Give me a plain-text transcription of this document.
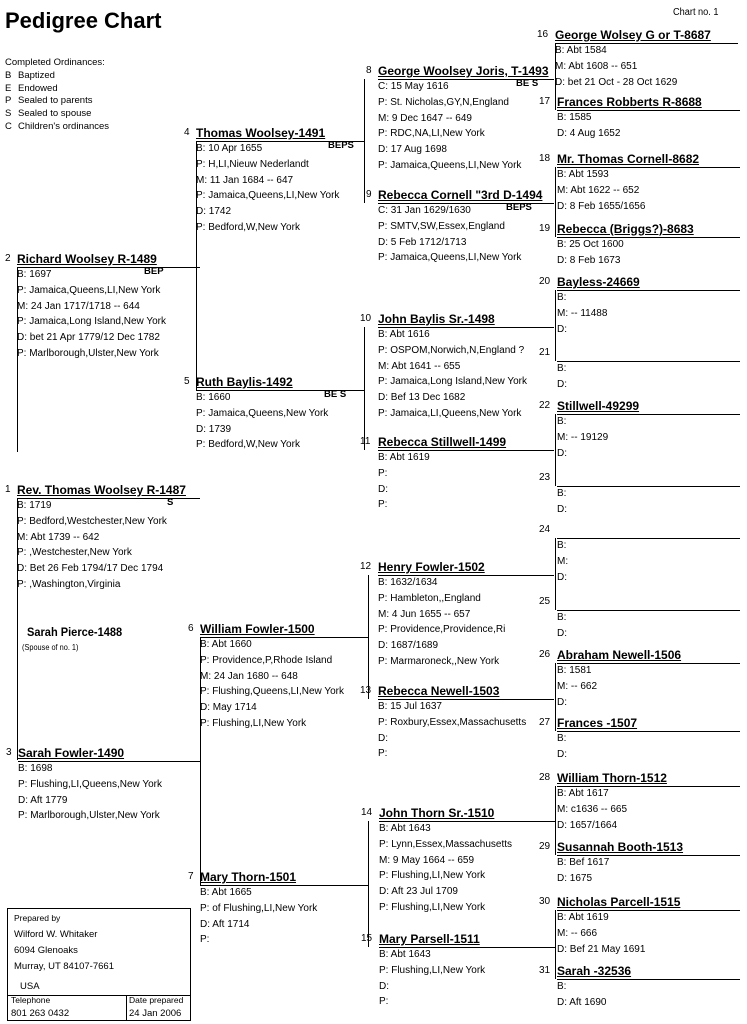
Pedigree Chart	Chart no. 1
Completed Ordinances:
B Baptized
E Endowed
P Sealed to parents
S Sealed to spouse
C Children's ordinances
1 Rev. Thomas Woolsey R-1487
S
B: 1719
P: Bedford,Westchester,New York
M: Abt 1739 -- 642
P: ,Westchester,New York
D: Bet 26 Feb 1794/17 Dec 1794
P: ,Washington,Virginia
2 Richard Woolsey R-1489
BEP
B: 1697
P: Jamaica,Queens,LI,New York
M: 24 Jan 1717/1718 -- 644
P: Jamaica,Long Island,New York
D: bet 21 Apr 1779/12 Dec 1782
P: Marlborough,Ulster,New York
3 Sarah Fowler-1490
B: 1698
P: Flushing,LI,Queens,New York
D: Aft 1779
P: Marlborough,Ulster,New York
4 Thomas Woolsey-1491
BEPS
B: 10 Apr 1655
P: H,LI,Nieuw Nederlandt
M: 11 Jan 1684 -- 647
P: Jamaica,Queens,LI,New York
D: 1742
P: Bedford,W,New York
5 Ruth Baylis-1492
BE S
B: 1660
P: Jamaica,Queens,New York
D: 1739
P: Bedford,W,New York
6 William Fowler-1500
B: Abt 1660
P: Providence,P,Rhode Island
M: 24 Jan 1680 -- 648
P: Flushing,Queens,LI,New York
D: May 1714
P: Flushing,LI,New York
7 Mary Thorn-1501
B: Abt 1665
P: of Flushing,LI,New York
D: Aft 1714
P:
8 George Woolsey Joris, T-1493
BE S
C: 15 May 1616
P: St. Nicholas,GY,N,England
M: 9 Dec 1647 -- 649
P: RDC,NA,LI,New York
D: 17 Aug 1698
P: Jamaica,Queens,LI,New York
9 Rebecca Cornell "3rd D-1494
BEPS
C: 31 Jan 1629/1630
P: SMTV,SW,Essex,England
D: 5 Feb 1712/1713
P: Jamaica,Queens,LI,New York
10 John Baylis Sr.-1498
B: Abt 1616
P: OSPOM,Norwich,N,England ?
M: Abt 1641 -- 655
P: Jamaica,Long Island,New York
D: Bef 13 Dec 1682
P: Jamaica,LI,Queens,New York
11 Rebecca Stillwell-1499
B: Abt 1619
P:
D:
P:
12 Henry Fowler-1502
B: 1632/1634
P: Hambleton,,England
M: 4 Jun 1655 -- 657
P: Providence,Providence,Ri
D: 1687/1689
P: Marmaroneck,,New York
13 Rebecca Newell-1503
B: 15 Jul 1637
P: Roxbury,Essex,Massachusetts
D:
P:
14 John Thorn Sr.-1510
B: Abt 1643
P: Lynn,Essex,Massachusetts
M: 9 May 1664 -- 659
P: Flushing,LI,New York
D: Aft 23 Jul 1709
P: Flushing,LI,New York
15 Mary Parsell-1511
B: Abt 1643
P: Flushing,LI,New York
D:
P:
16 George Wolsey G or T-8687
B: Abt 1584
M: Abt 1608 -- 651
D: bet 21 Oct - 28 Oct 1629
17 Frances Robberts R-8688
B: 1585
D: 4 Aug 1652
18 Mr. Thomas Cornell-8682
B: Abt 1593
M: Abt 1622 -- 652
D: 8 Feb 1655/1656
19 Rebecca (Briggs?)-8683
B: 25 Oct 1600
D: 8 Feb 1673
20 Bayless-24669
B:
M: -- 11488
D:
21
B:
D:
22 Stillwell-49299
B:
M: -- 19129
D:
23
B:
D:
24
B:
M:
D:
25
B:
D:
26 Abraham Newell-1506
B: 1581
M: -- 662
D:
27 Frances -1507
B:
D:
28 William Thorn-1512
B: Abt 1617
M: c1636 -- 665
D: 1657/1664
29 Susannah Booth-1513
B: Bef 1617
D: 1675
30 Nicholas Parcell-1515
B: Abt 1619
M: -- 666
D: Bef 21 May 1691
31 Sarah -32536
B:
D: Aft 1690
Sarah Pierce-1488
(Spouse of no. 1)
Prepared by
Wilford W. Whitaker
6094 Glenoaks
Murray, UT 84107-7661
USA
Telephone
801 263 0432
Date prepared
24 Jan 2006
